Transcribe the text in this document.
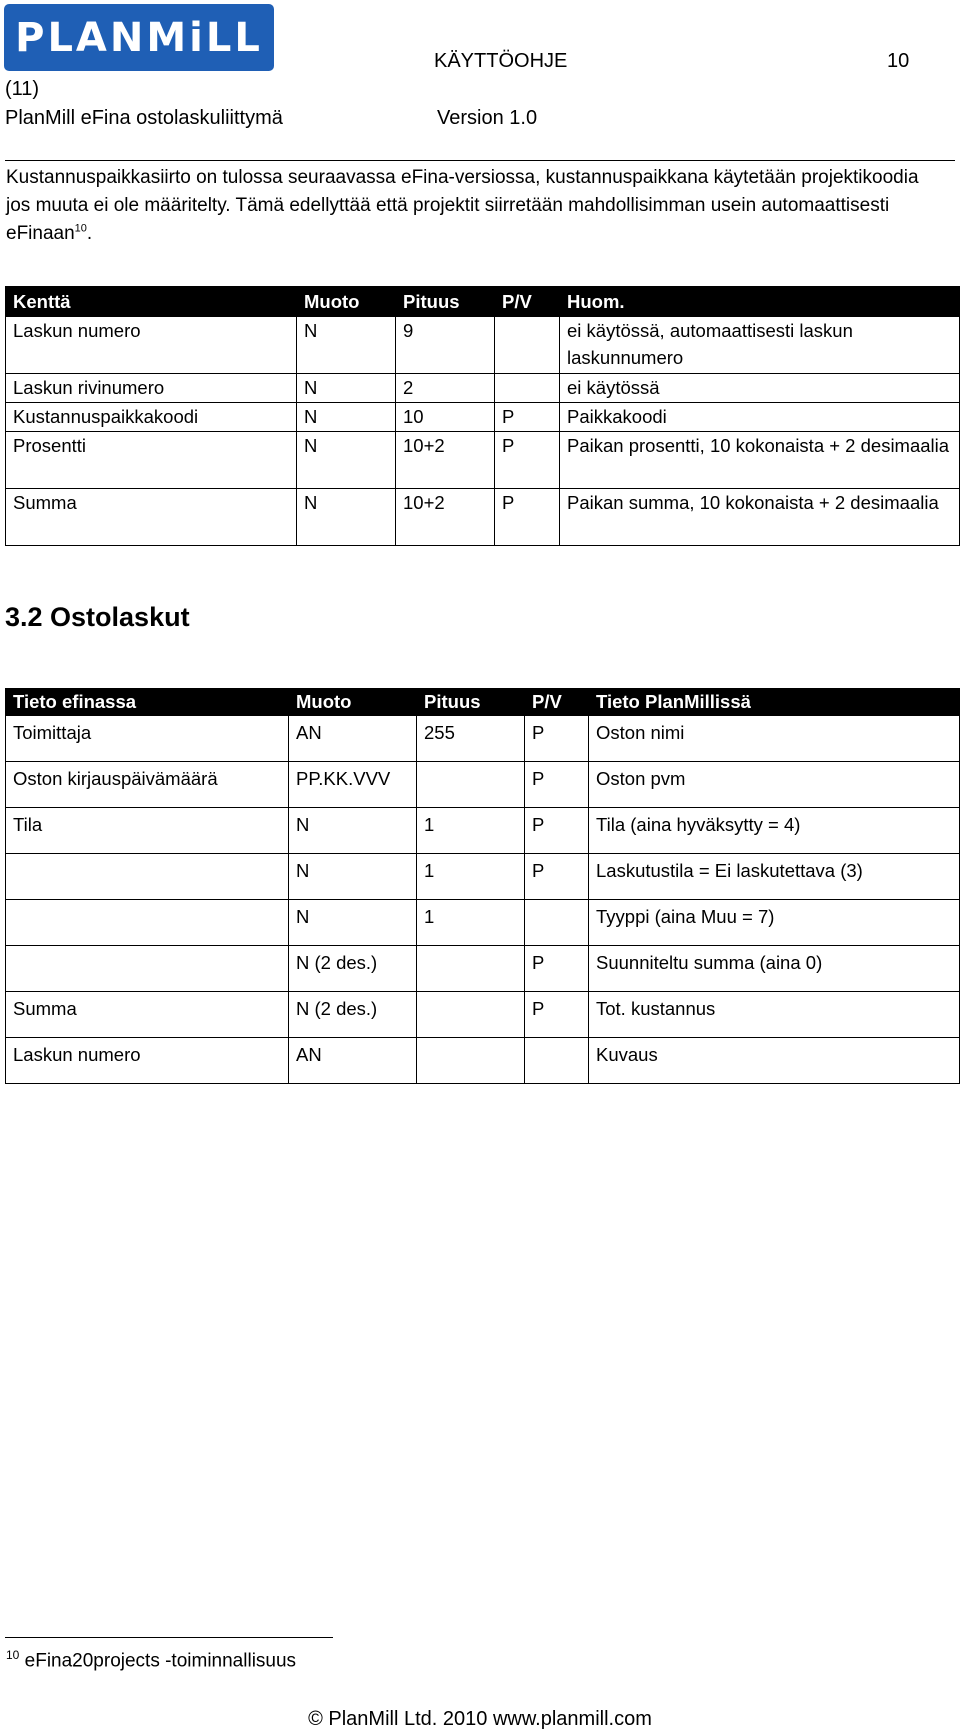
PLANMiLL
KÄYTTÖOHJE	10
(11)
PlanMill eFina ostolaskuliittymä	Version 1.0
Kustannuspaikkasiirto on tulossa seuraavassa eFina-versiossa, kustannuspaikkana käytetään projektikoodia jos muuta ei ole määritelty. Tämä edellyttää että projektit siirretään mahdollisimman usein automaattisesti eFinaan$^{10}$.
Kenttä	Muoto	Pituus	P/V	Huom.
Laskun numero	N	9		ei käytössä, automaattisesti laskun laskunnumero
Laskun rivinumero	N	2		ei käytössä
Kustannuspaikkakoodi	N	10	P	Paikkakoodi
Prosentti	N	10+2	P	Paikan prosentti, 10 kokonaista + 2 desimaalia
Summa	N	10+2	P	Paikan summa, 10 kokonaista + 2 desimaalia
3.2 Ostolaskut
Tieto efinassa	Muoto	Pituus	P/V	Tieto PlanMillissä
Toimittaja	AN	255	P	Oston nimi
Oston kirjauspäivämäärä	PP.KK.VVV		P	Oston pvm
Tila	N	1	P	Tila (aina hyväksytty = 4)
	N	1	P	Laskutustila = Ei laskutettava (3)
	N	1		Tyyppi (aina Muu = 7)
	N (2 des.)		P	Suunniteltu summa (aina 0)
Summa	N (2 des.)		P	Tot. kustannus
Laskun numero	AN			Kuvaus
$^{10}$ eFina20projects -toiminnallisuus
© PlanMill Ltd. 2010 www.planmill.com
